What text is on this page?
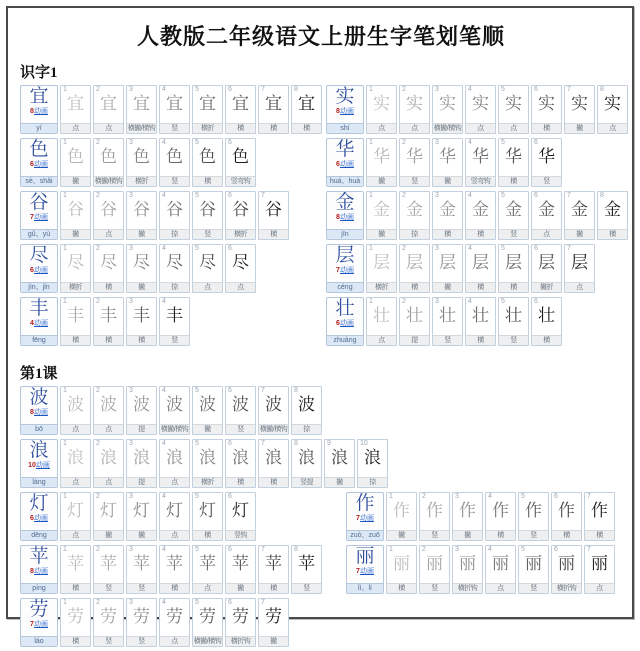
人教版二年级语文上册生字笔划笔顺
识字1
宜
8动画
yí
1
宜
点
2
宜
点
3
宜
横撇/横钩
4
宜
竖
5
宜
横折
6
宜
横
7
宜
横
8
宜
横
实
8动画
shí
1
实
点
2
实
点
3
实
横撇/横钩
4
实
点
5
实
点
6
实
横
7
实
撇
8
实
点
色
6动画
sè、shǎi
1
色
撇
2
色
横撇/横钩
3
色
横折
4
色
竖
5
色
横
6
色
竖弯钩
华
6动画
huá、huà
1
华
撇
2
华
竖
3
华
撇
4
华
竖弯钩
5
华
横
6
华
竖
谷
7动画
gǔ、yù
1
谷
撇
2
谷
点
3
谷
撇
4
谷
捺
5
谷
竖
6
谷
横折
7
谷
横
金
8动画
jīn
1
金
撇
2
金
捺
3
金
横
4
金
横
5
金
竖
6
金
点
7
金
撇
8
金
横
尽
6动画
jìn、jǐn
1
尽
横折
2
尽
横
3
尽
撇
4
尽
捺
5
尽
点
6
尽
点
层
7动画
céng
1
层
横折
2
层
横
3
层
撇
4
层
横
5
层
横
6
层
撇折
7
层
点
丰
4动画
fēng
1
丰
横
2
丰
横
3
丰
横
4
丰
竖
壮
6动画
zhuàng
1
壮
点
2
壮
提
3
壮
竖
4
壮
横
5
壮
竖
6
壮
横
第1课
波
8动画
bō
1
波
点
2
波
点
3
波
提
4
波
横撇/横钩
5
波
撇
6
波
竖
7
波
横撇/横钩
8
波
捺
浪
10动画
làng
1
浪
点
2
浪
点
3
浪
提
4
浪
点
5
浪
横折
6
浪
横
7
浪
横
8
浪
竖提
9
浪
撇
10
浪
捺
灯
6动画
dēng
1
灯
点
2
灯
撇
3
灯
撇
4
灯
点
5
灯
横
6
灯
竖钩
作
7动画
zuò、zuō
1
作
撇
2
作
竖
3
作
撇
4
作
横
5
作
竖
6
作
横
7
作
横
苹
8动画
píng
1
苹
横
2
苹
竖
3
苹
竖
4
苹
横
5
苹
点
6
苹
撇
7
苹
横
8
苹
竖
丽
7动画
lì、lí
1
丽
横
2
丽
竖
3
丽
横折钩
4
丽
点
5
丽
竖
6
丽
横折钩
7
丽
点
劳
7动画
láo
1
劳
横
2
劳
竖
3
劳
竖
4
劳
点
5
劳
横撇/横钩
6
劳
横折钩
7
劳
撇
